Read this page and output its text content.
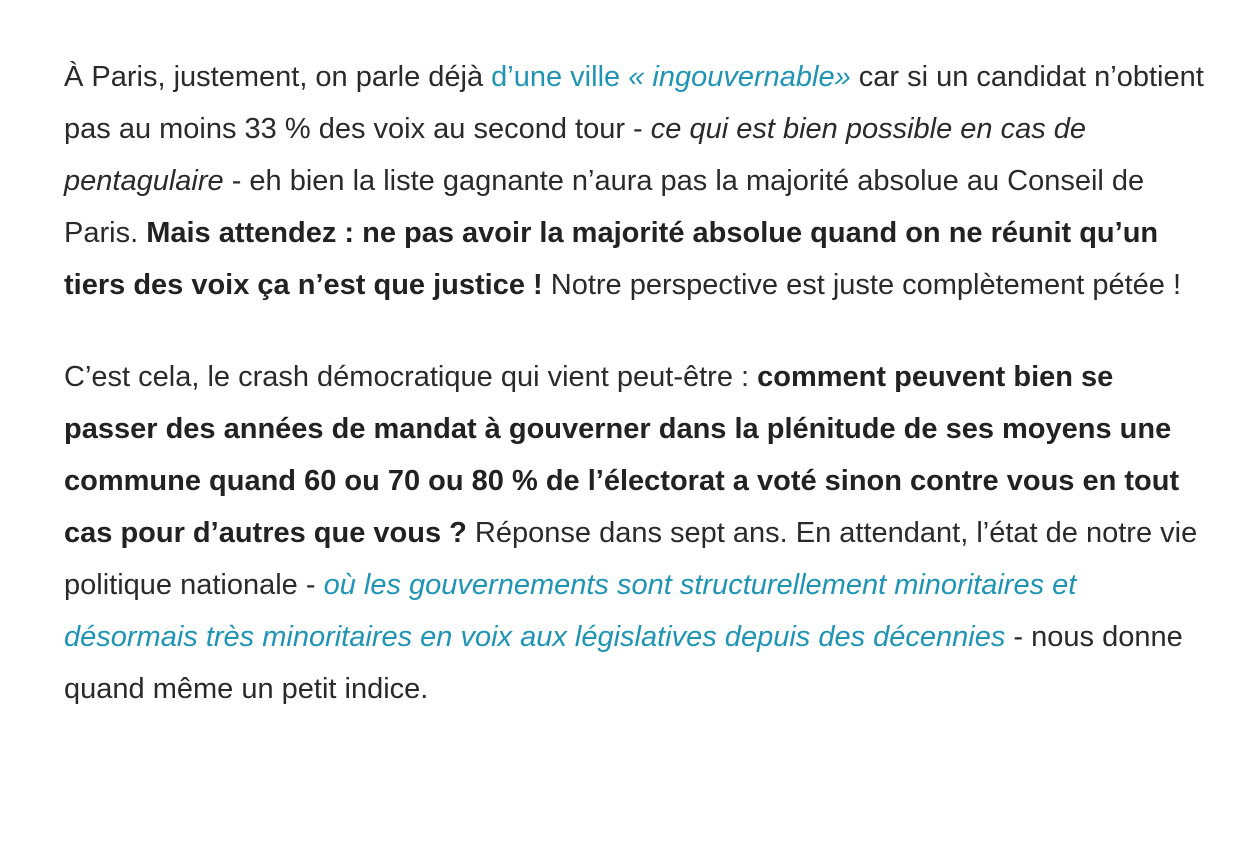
À Paris, justement, on parle déjà d’une ville « ingouvernable» car si un candidat n’obtient pas au moins 33 % des voix au second tour - ce qui est bien possible en cas de pentagulaire - eh bien la liste gagnante n’aura pas la majorité absolue au Conseil de Paris. Mais attendez : ne pas avoir la majorité absolue quand on ne réunit qu’un tiers des voix ça n’est que justice ! Notre perspective est juste complètement pétée !

C’est cela, le crash démocratique qui vient peut-être : comment peuvent bien se passer des années de mandat à gouverner dans la plénitude de ses moyens une commune quand 60 ou 70 ou 80 % de l’électorat a voté sinon contre vous en tout cas pour d’autres que vous ? Réponse dans sept ans. En attendant, l’état de notre vie politique nationale - où les gouvernements sont structurellement minoritaires et désormais très minoritaires en voix aux législatives depuis des décennies - nous donne quand même un petit indice.
